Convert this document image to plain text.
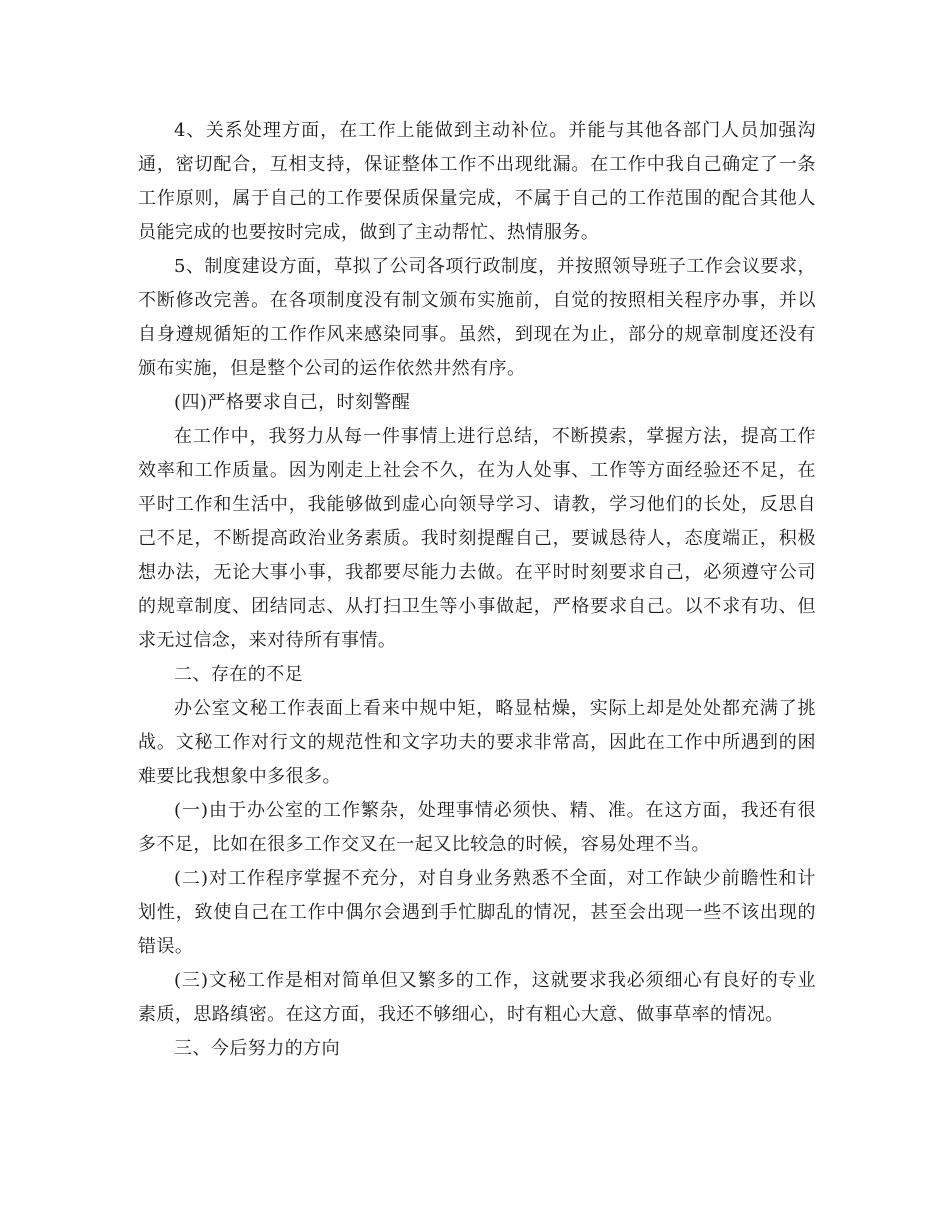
4、关系处理方面，在工作上能做到主动补位。并能与其他各部门人员加强沟通，密切配合，互相支持，保证整体工作不出现纰漏。在工作中我自己确定了一条工作原则，属于自己的工作要保质保量完成，不属于自己的工作范围的配合其他人员能完成的也要按时完成，做到了主动帮忙、热情服务。

5、制度建设方面，草拟了公司各项行政制度，并按照领导班子工作会议要求，不断修改完善。在各项制度没有制文颁布实施前，自觉的按照相关程序办事，并以自身遵规循矩的工作作风来感染同事。虽然，到现在为止，部分的规章制度还没有颁布实施，但是整个公司的运作依然井然有序。

(四)严格要求自己，时刻警醒

在工作中，我努力从每一件事情上进行总结，不断摸索，掌握方法，提高工作效率和工作质量。因为刚走上社会不久，在为人处事、工作等方面经验还不足，在平时工作和生活中，我能够做到虚心向领导学习、请教，学习他们的长处，反思自己不足，不断提高政治业务素质。我时刻提醒自己，要诚恳待人，态度端正，积极想办法，无论大事小事，我都要尽能力去做。在平时时刻要求自己，必须遵守公司的规章制度、团结同志、从打扫卫生等小事做起，严格要求自己。以不求有功、但求无过信念，来对待所有事情。

二、存在的不足

办公室文秘工作表面上看来中规中矩，略显枯燥，实际上却是处处都充满了挑战。文秘工作对行文的规范性和文字功夫的要求非常高，因此在工作中所遇到的困难要比我想象中多很多。

(一)由于办公室的工作繁杂，处理事情必须快、精、准。在这方面，我还有很多不足，比如在很多工作交叉在一起又比较急的时候，容易处理不当。

(二)对工作程序掌握不充分，对自身业务熟悉不全面，对工作缺少前瞻性和计划性，致使自己在工作中偶尔会遇到手忙脚乱的情况，甚至会出现一些不该出现的错误。

(三)文秘工作是相对简单但又繁多的工作，这就要求我必须细心有良好的专业素质，思路缜密。在这方面，我还不够细心，时有粗心大意、做事草率的情况。

三、今后努力的方向
